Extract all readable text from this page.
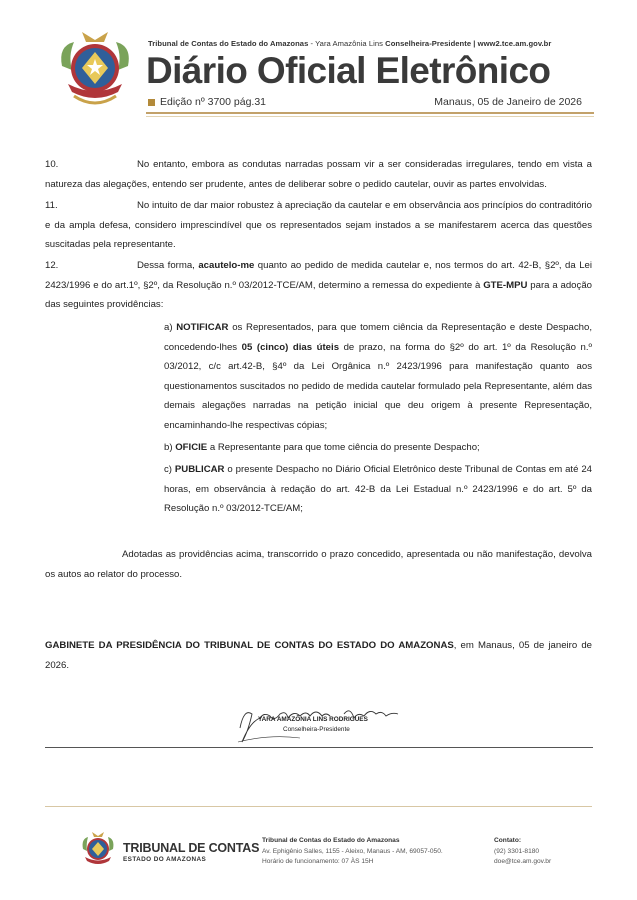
Tribunal de Contas do Estado do Amazonas - Yara Amazônia Lins Conselheira-Presidente | www2.tce.am.gov.br
Diário Oficial Eletrônico
Edição nº 3700 pág.31	Manaus, 05 de Janeiro de 2026
10.	No entanto, embora as condutas narradas possam vir a ser consideradas irregulares, tendo em vista a natureza das alegações, entendo ser prudente, antes de deliberar sobre o pedido cautelar, ouvir as partes envolvidas.
11.	No intuito de dar maior robustez à apreciação da cautelar e em observância aos princípios do contraditório e da ampla defesa, considero imprescindível que os representados sejam instados a se manifestarem acerca das questões suscitadas pela representante.
12.	Dessa forma, acautelo-me quanto ao pedido de medida cautelar e, nos termos do art. 42-B, §2º, da Lei 2423/1996 e do art.1º, §2º, da Resolução n.º 03/2012-TCE/AM, determino a remessa do expediente à GTE-MPU para a adoção das seguintes providências:
a) NOTIFICAR os Representados, para que tomem ciência da Representação e deste Despacho, concedendo-lhes 05 (cinco) dias úteis de prazo, na forma do §2º do art. 1º da Resolução n.º 03/2012, c/c art.42-B, §4º da Lei Orgânica n.º 2423/1996 para manifestação quanto aos questionamentos suscitados no pedido de medida cautelar formulado pela Representante, além das demais alegações narradas na petição inicial que deu origem à presente Representação, encaminhando-lhe respectivas cópias;
b) OFICIE a Representante para que tome ciência do presente Despacho;
c) PUBLICAR o presente Despacho no Diário Oficial Eletrônico deste Tribunal de Contas em até 24 horas, em observância à redação do art. 42-B da Lei Estadual n.º 2423/1996 e do art. 5º da Resolução n.º 03/2012-TCE/AM;
Adotadas as providências acima, transcorrido o prazo concedido, apresentada ou não manifestação, devolva os autos ao relator do processo.
GABINETE DA PRESIDÊNCIA DO TRIBUNAL DE CONTAS DO ESTADO DO AMAZONAS, em Manaus, 05 de janeiro de 2026.
YARA AMAZÔNIA LINS RODRIGUES
Conselheira-Presidente
TRIBUNAL DE CONTAS
ESTADO DO AMAZONAS
Tribunal de Contas do Estado do Amazonas
Av. Ephigênio Salles, 1155 - Aleixo, Manaus - AM, 69057-050.
Horário de funcionamento: 07 ÀS 15H
Contato:
(92) 3301-8180
doe@tce.am.gov.br
